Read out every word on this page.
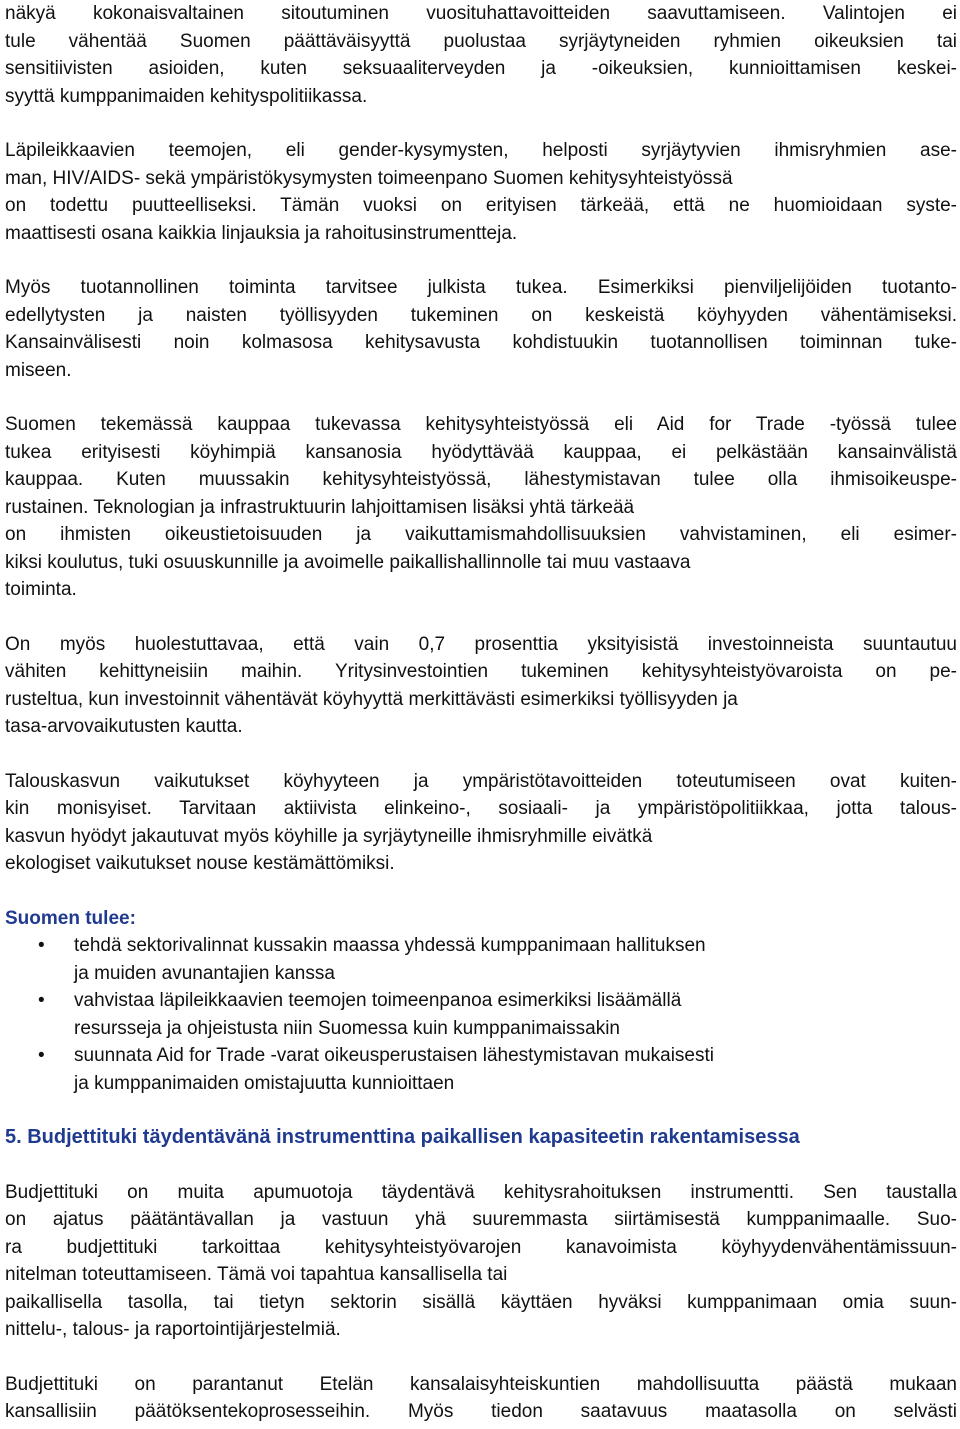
näkyä kokonaisvaltainen sitoutuminen vuosituhattavoitteiden saavuttamiseen. Valintojen ei
tule vähentää Suomen päättäväisyyttä puolustaa syrjäytyneiden ryhmien oikeuksien tai
sensitiivisten asioiden, kuten seksuaaliterveyden ja -oikeuksien, kunnioittamisen keskei-
syyttä kumppanimaiden kehityspolitiikassa.
Läpileikkaavien teemojen, eli gender-kysymysten, helposti syrjäytyvien ihmisryhmien ase-
man, HIV/AIDS- sekä ympäristökysymysten toimeenpano Suomen kehitysyhteistyössä
on todettu puutteelliseksi. Tämän vuoksi on erityisen tärkeää, että ne huomioidaan syste-
maattisesti osana kaikkia linjauksia ja rahoitusinstrumentteja.
Myös tuotannollinen toiminta tarvitsee julkista tukea. Esimerkiksi pienviljelijöiden tuotanto-
edellytysten ja naisten työllisyyden tukeminen on keskeistä köyhyyden vähentämiseksi.
Kansainvälisesti noin kolmasosa kehitysavusta kohdistuukin tuotannollisen toiminnan tuke-
miseen.
Suomen tekemässä kauppaa tukevassa kehitysyhteistyössä eli Aid for Trade -työssä tulee
tukea erityisesti köyhimpiä kansanosia hyödyttävää kauppaa, ei pelkästään kansainvälistä
kauppaa. Kuten muussakin kehitysyhteistyössä, lähestymistavan tulee olla ihmisoikeuspe-
rustainen. Teknologian ja infrastruktuurin lahjoittamisen lisäksi yhtä tärkeää
on ihmisten oikeustietoisuuden ja vaikuttamismahdollisuuksien vahvistaminen, eli esimer-
kiksi koulutus, tuki osuuskunnille ja avoimelle paikallishallinnolle tai muu vastaava
toiminta.
On myös huolestuttavaa, että vain 0,7 prosenttia yksityisistä investoinneista suuntautuu
vähiten kehittyneisiin maihin. Yritysinvestointien tukeminen kehitysyhteistyövaroista on pe-
rusteltua, kun investoinnit vähentävät köyhyyttä merkittävästi esimerkiksi työllisyyden ja
tasa-arvovaikutusten kautta.
Talouskasvun vaikutukset köyhyyteen ja ympäristötavoitteiden toteutumiseen ovat kuiten-
kin monisyiset. Tarvitaan aktiivista elinkeino-, sosiaali- ja ympäristöpolitiikkaa, jotta talous-
kasvun hyödyt jakautuvat myös köyhille ja syrjäytyneille ihmisryhmille eivätkä
ekologiset vaikutukset nouse kestämättömiksi.
Suomen tulee:
• tehdä sektorivalinnat kussakin maassa yhdessä kumppanimaan hallituksen
ja muiden avunantajien kanssa
• vahvistaa läpileikkaavien teemojen toimeenpanoa esimerkiksi lisäämällä
resursseja ja ohjeistusta niin Suomessa kuin kumppanimaissakin
• suunnata Aid for Trade -varat oikeusperustaisen lähestymistavan mukaisesti
ja kumppanimaiden omistajuutta kunnioittaen
5. Budjettituki täydentävänä instrumenttina paikallisen kapasiteetin rakentamisessa
Budjettituki on muita apumuotoja täydentävä kehitysrahoituksen instrumentti. Sen taustalla
on ajatus päätäntävallan ja vastuun yhä suuremmasta siirtämisestä kumppanimaalle. Suo-
ra budjettituki tarkoittaa kehitysyhteistyövarojen kanavoimista köyhyydenvähentämissuun-
nitelman toteuttamiseen. Tämä voi tapahtua kansallisella tai
paikallisella tasolla, tai tietyn sektorin sisällä käyttäen hyväksi kumppanimaan omia suun-
nittelu-, talous- ja raportointijärjestelmiä.
Budjettituki on parantanut Etelän kansalaisyhteiskuntien mahdollisuutta päästä mukaan
kansallisiin päätöksentekoprosesseihin. Myös tiedon saatavuus maatasolla on selvästi
